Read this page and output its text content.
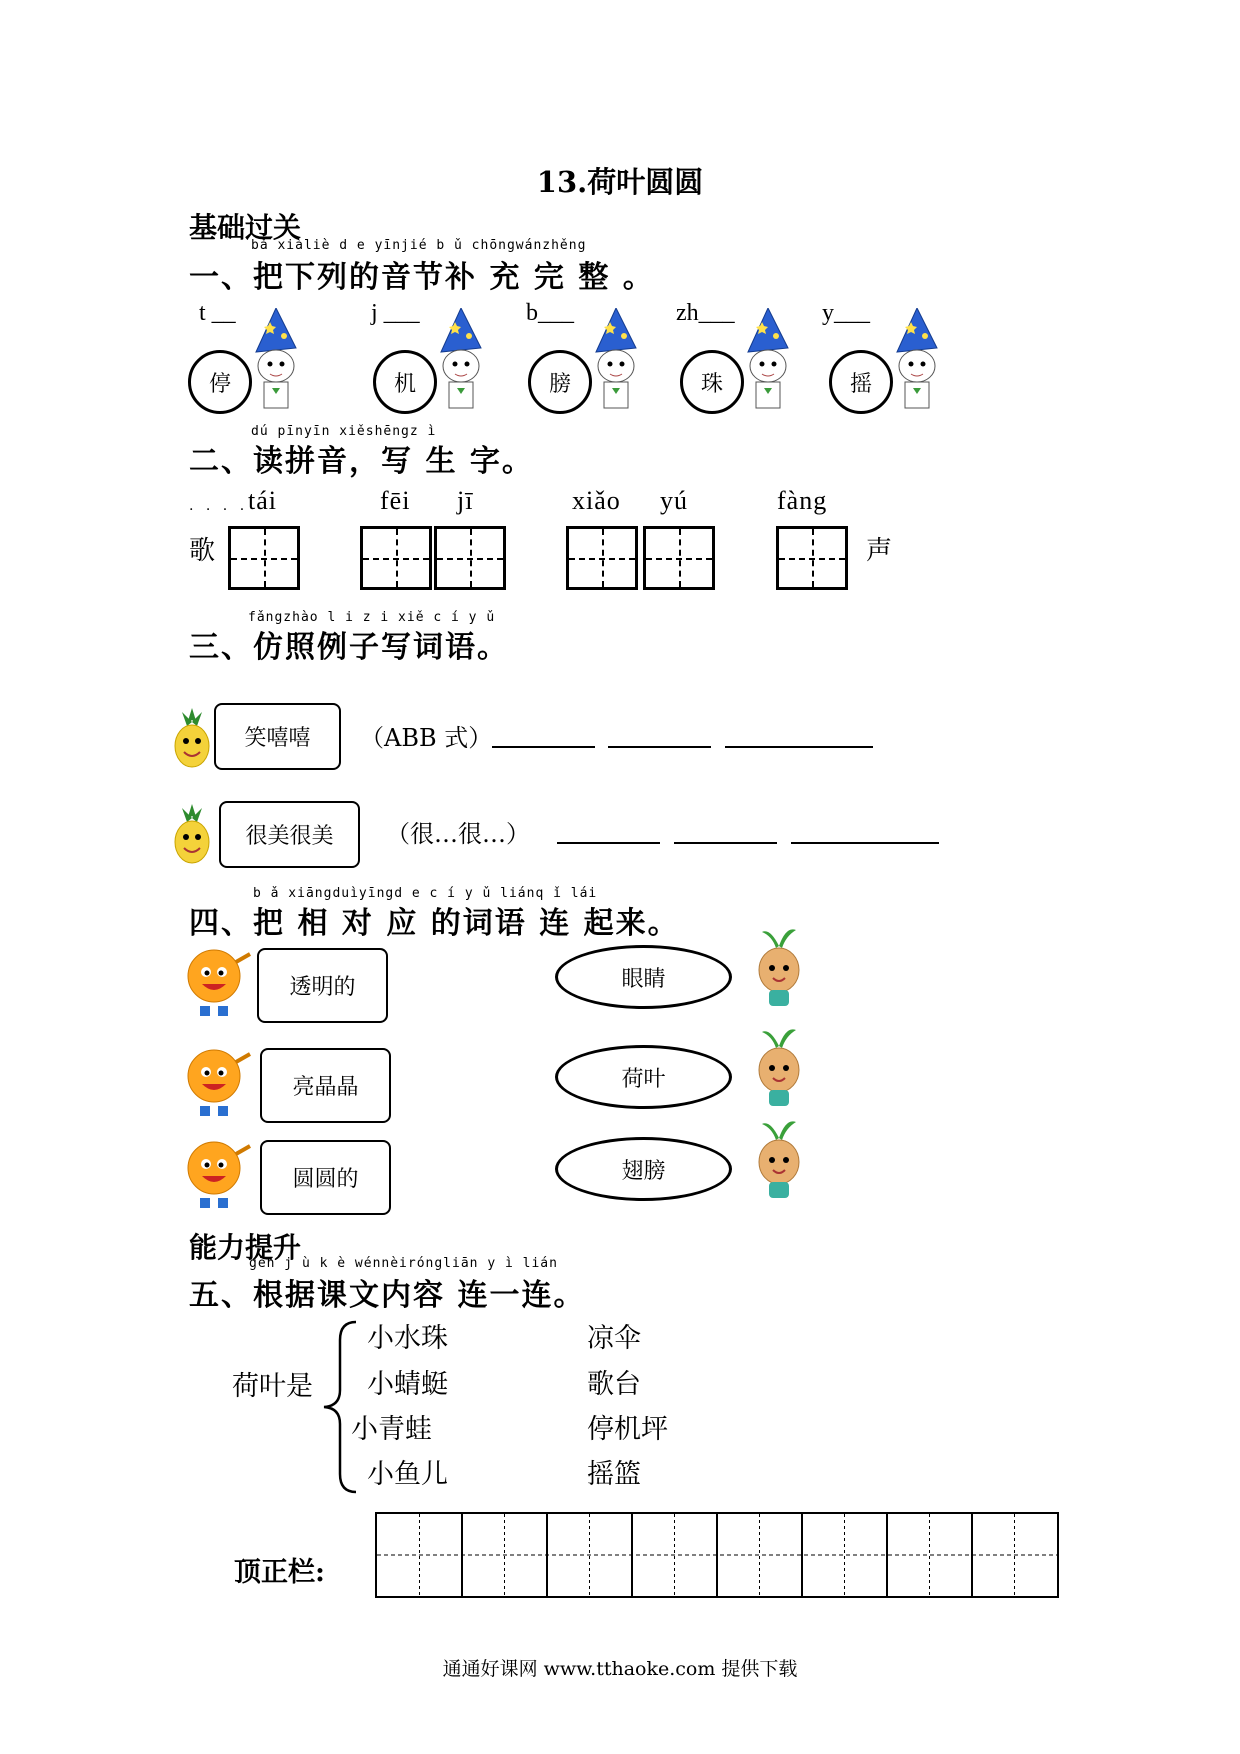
13.荷叶圆圆
基础过关
bǎ xiàliè d e yīnjié b ǔ chōngwánzhěng
一、把下列的音节补 充 完 整 。
t __
停
j ___
机
b___
膀
zh___
珠
y___
摇
dú pīnyīn xiěshēngz ì
二、读拼音，写 生 字。
. . . .
歌	声
tái	fēi jī	xiǎo yú	fàng
fǎngzhào l i z i xiě c í y ǔ
三、仿照例子写词语。
笑嘻嘻	（ABB 式）
很美很美	（很…很…）
b ǎ xiāngduìyīngd e c í y ǔ liánq ǐ lái
四、把 相 对 应 的词语 连 起来。
透明的	眼睛
亮晶晶	荷叶
圆圆的	翅膀
能力提升
gēn j ù k è wénnèiróngliān y ì lián
五、根据课文内容 连一连。
荷叶是
小水珠
小蜻蜓
小青蛙
小鱼儿
凉伞
歌台
停机坪
摇篮
顶正栏:
通通好课网 www.tthaoke.com 提供下载
